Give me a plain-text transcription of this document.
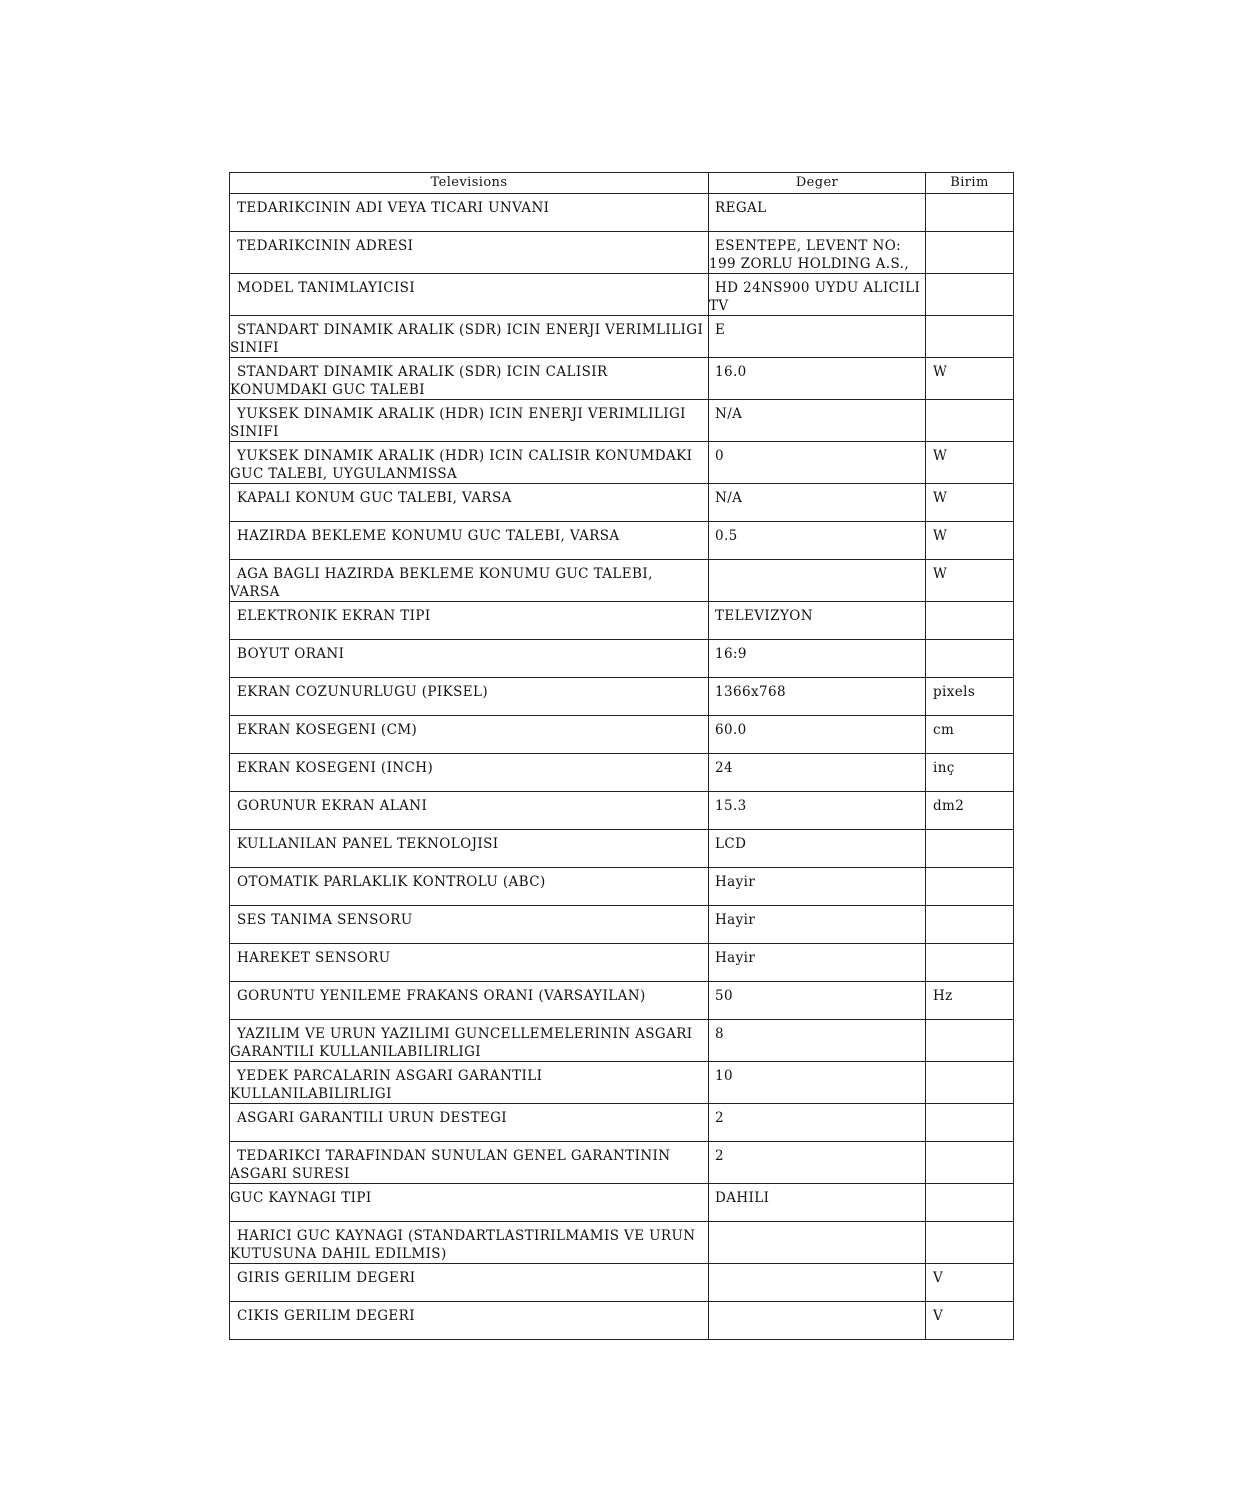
Televisions	Deger	Birim

TEDARIKCININ ADI VEYA TICARI UNVANI	REGAL	

TEDARIKCININ ADRESI	ESENTEPE, LEVENT NO: 199 ZORLU HOLDING A.S.,	

MODEL TANIMLAYICISI	HD 24NS900 UYDU ALICILI TV	

STANDART DINAMIK ARALIK (SDR) ICIN ENERJI VERIMLILIGI SINIFI	E	

STANDART DINAMIK ARALIK (SDR) ICIN CALISIR KONUMDAKI GUC TALEBI	16.0	W

YUKSEK DINAMIK ARALIK (HDR) ICIN ENERJI VERIMLILIGI SINIFI	N/A	

YUKSEK DINAMIK ARALIK (HDR) ICIN CALISIR KONUMDAKI GUC TALEBI, UYGULANMISSA	0	W

KAPALI KONUM GUC TALEBI, VARSA	N/A	W

HAZIRDA BEKLEME KONUMU GUC TALEBI, VARSA	0.5	W

AGA BAGLI HAZIRDA BEKLEME KONUMU GUC TALEBI, VARSA		W

ELEKTRONIK EKRAN TIPI	TELEVIZYON	

BOYUT ORANI	16:9	

EKRAN COZUNURLUGU (PIKSEL)	1366x768	pixels

EKRAN KOSEGENI (CM)	60.0	cm

EKRAN KOSEGENI (INCH)	24	inç

GORUNUR EKRAN ALANI	15.3	dm2

KULLANILAN PANEL TEKNOLOJISI	LCD	

OTOMATIK PARLAKLIK KONTROLU (ABC)	Hayir	

SES TANIMA SENSORU	Hayir	

HAREKET SENSORU	Hayir	

GORUNTU YENILEME FRAKANS ORANI (VARSAYILAN)	50	Hz

YAZILIM VE URUN YAZILIMI GUNCELLEMELERININ ASGARI GARANTILI KULLANILABILIRLIGI	8	

YEDEK PARCALARIN ASGARI GARANTILI KULLANILABILIRLIGI	10	

ASGARI GARANTILI URUN DESTEGI	2	

TEDARIKCI TARAFINDAN SUNULAN GENEL GARANTININ ASGARI SURESI	2	

GUC KAYNAGI TIPI	DAHILI	

HARICI GUC KAYNAGI (STANDARTLASTIRILMAMIS VE URUN KUTUSUNA DAHIL EDILMIS)		

GIRIS GERILIM DEGERI		V

CIKIS GERILIM DEGERI		V
